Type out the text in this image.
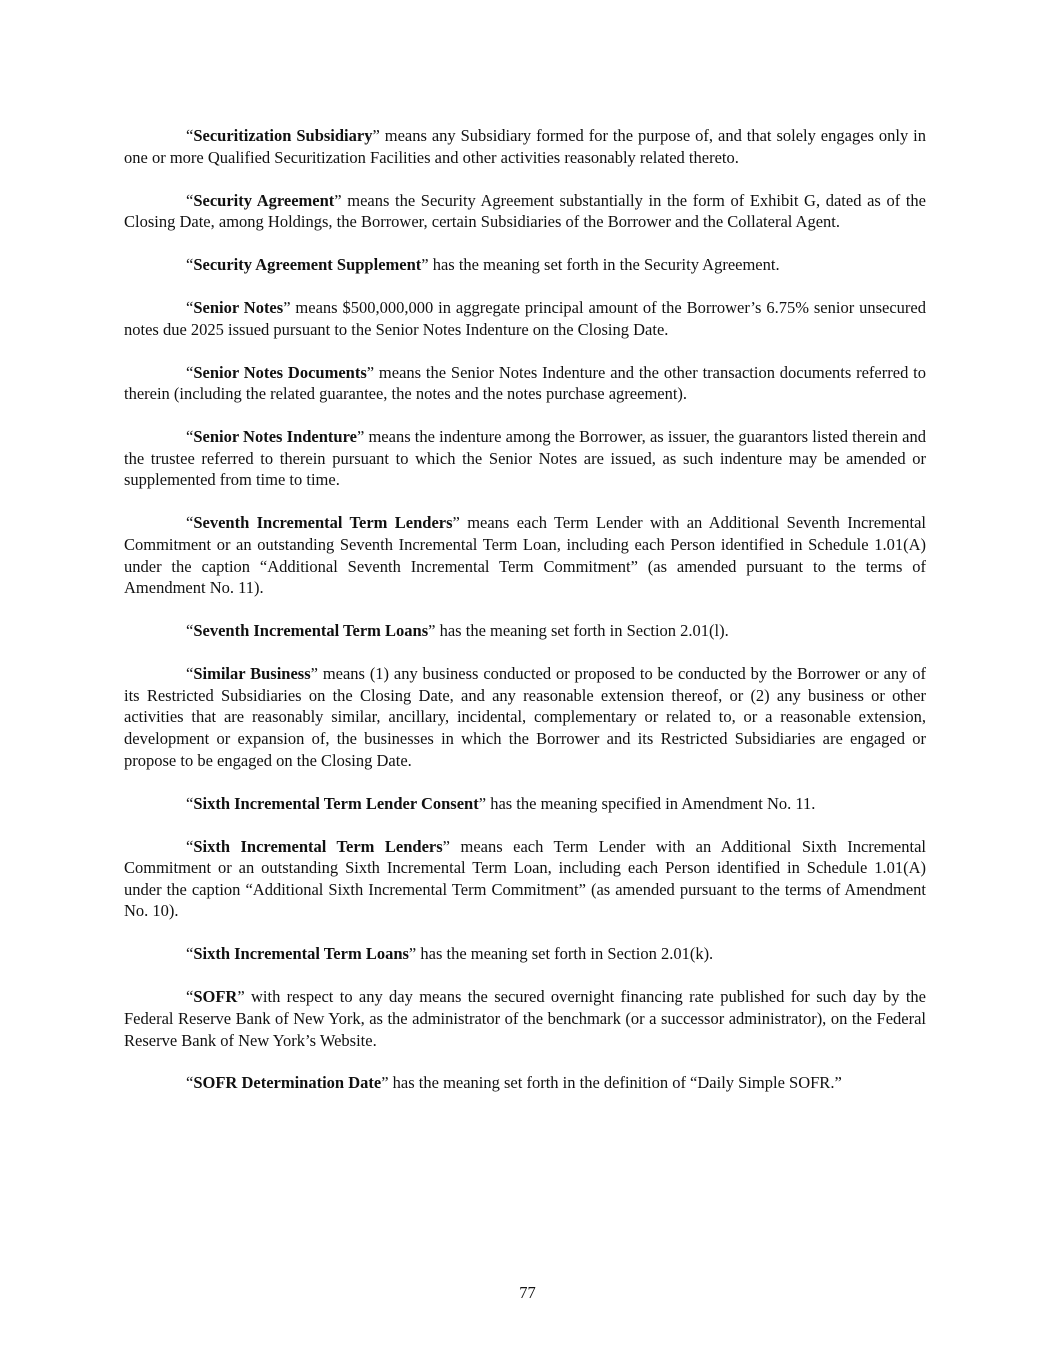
“Securitization Subsidiary” means any Subsidiary formed for the purpose of, and that solely engages only in one or more Qualified Securitization Facilities and other activities reasonably related thereto.

“Security Agreement” means the Security Agreement substantially in the form of Exhibit G, dated as of the Closing Date, among Holdings, the Borrower, certain Subsidiaries of the Borrower and the Collateral Agent.

“Security Agreement Supplement” has the meaning set forth in the Security Agreement.

“Senior Notes” means $500,000,000 in aggregate principal amount of the Borrower’s 6.75% senior unsecured notes due 2025 issued pursuant to the Senior Notes Indenture on the Closing Date.

“Senior Notes Documents” means the Senior Notes Indenture and the other transaction documents referred to therein (including the related guarantee, the notes and the notes purchase agreement).

“Senior Notes Indenture” means the indenture among the Borrower, as issuer, the guarantors listed therein and the trustee referred to therein pursuant to which the Senior Notes are issued, as such indenture may be amended or supplemented from time to time.

“Seventh Incremental Term Lenders” means each Term Lender with an Additional Seventh Incremental Commitment or an outstanding Seventh Incremental Term Loan, including each Person identified in Schedule 1.01(A) under the caption “Additional Seventh Incremental Term Commitment” (as amended pursuant to the terms of Amendment No. 11).

“Seventh Incremental Term Loans” has the meaning set forth in Section 2.01(l).

“Similar Business” means (1) any business conducted or proposed to be conducted by the Borrower or any of its Restricted Subsidiaries on the Closing Date, and any reasonable extension thereof, or (2) any business or other activities that are reasonably similar, ancillary, incidental, complementary or related to, or a reasonable extension, development or expansion of, the businesses in which the Borrower and its Restricted Subsidiaries are engaged or propose to be engaged on the Closing Date.

“Sixth Incremental Term Lender Consent” has the meaning specified in Amendment No. 11.

“Sixth Incremental Term Lenders” means each Term Lender with an Additional Sixth Incremental Commitment or an outstanding Sixth Incremental Term Loan, including each Person identified in Schedule 1.01(A) under the caption “Additional Sixth Incremental Term Commitment” (as amended pursuant to the terms of Amendment No. 10).

“Sixth Incremental Term Loans” has the meaning set forth in Section 2.01(k).

“SOFR” with respect to any day means the secured overnight financing rate published for such day by the Federal Reserve Bank of New York, as the administrator of the benchmark (or a successor administrator), on the Federal Reserve Bank of New York’s Website.

“SOFR Determination Date” has the meaning set forth in the definition of “Daily Simple SOFR.”

77
